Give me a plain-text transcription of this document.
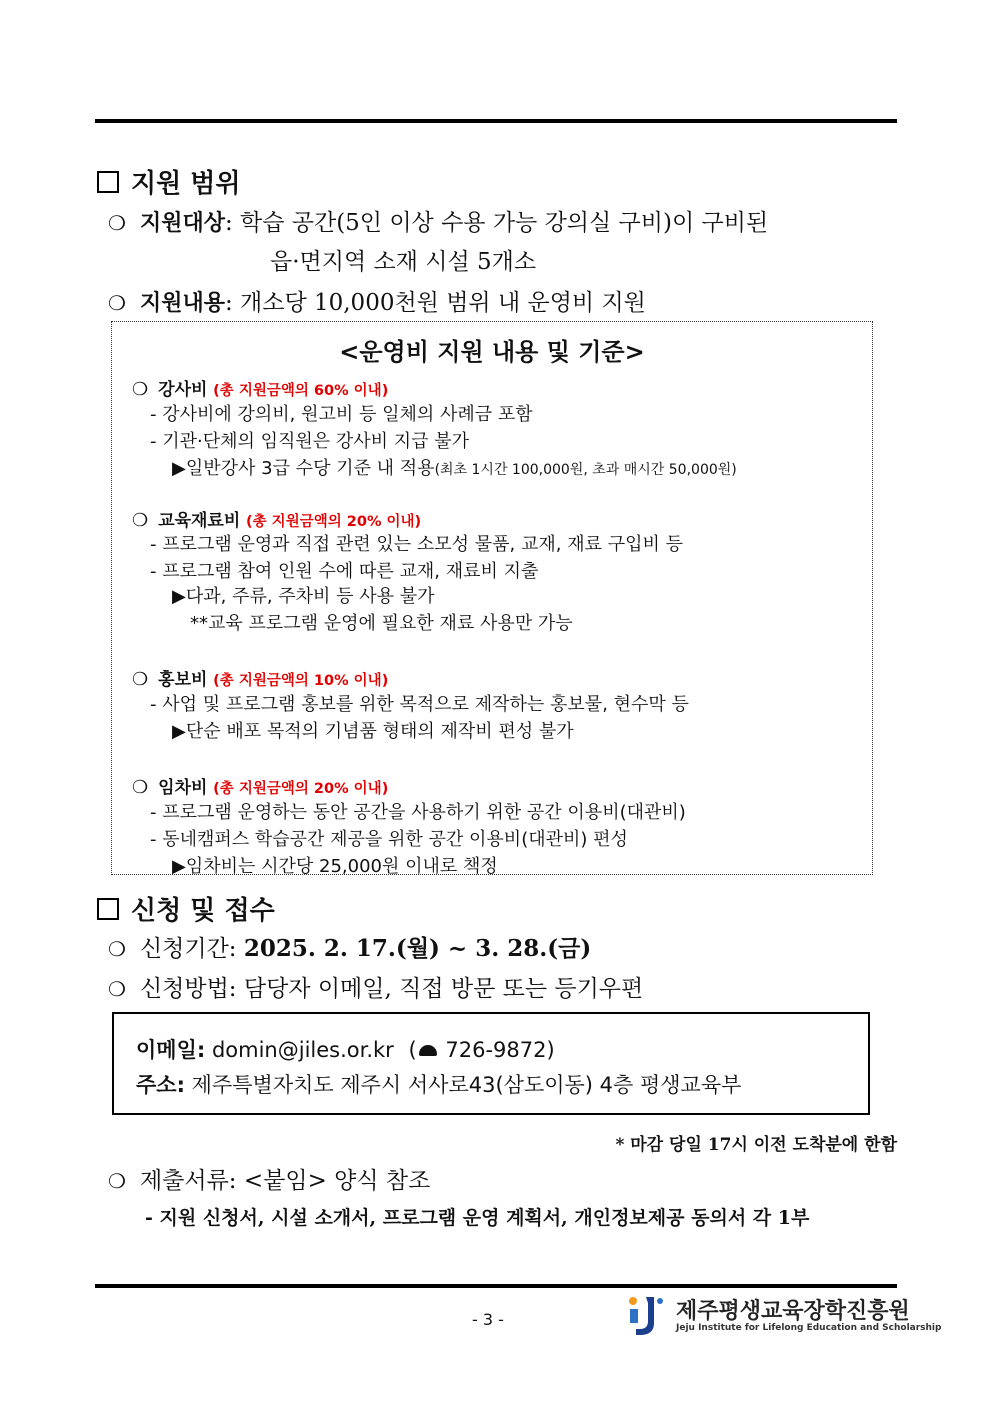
지원 범위
❍ 지원대상: 학습 공간(5인 이상 수용 가능 강의실 구비)이 구비된
읍·면지역 소재 시설 5개소
❍ 지원내용: 개소당 10,000천원 범위 내 운영비 지원
<운영비 지원 내용 및 기준>
❍ 강사비 (총 지원금액의 60% 이내)
- 강사비에 강의비, 원고비 등 일체의 사례금 포함
- 기관·단체의 임직원은 강사비 지급 불가
▶일반강사 3급 수당 기준 내 적용(최초 1시간 100,000원, 초과 매시간 50,000원)
❍ 교육재료비 (총 지원금액의 20% 이내)
- 프로그램 운영과 직접 관련 있는 소모성 물품, 교재, 재료 구입비 등
- 프로그램 참여 인원 수에 따른 교재, 재료비 지출
▶다과, 주류, 주차비 등 사용 불가
**교육 프로그램 운영에 필요한 재료 사용만 가능
❍ 홍보비 (총 지원금액의 10% 이내)
- 사업 및 프로그램 홍보를 위한 목적으로 제작하는 홍보물, 현수막 등
▶단순 배포 목적의 기념품 형태의 제작비 편성 불가
❍ 임차비 (총 지원금액의 20% 이내)
- 프로그램 운영하는 동안 공간을 사용하기 위한 공간 이용비(대관비)
- 동네캠퍼스 학습공간 제공을 위한 공간 이용비(대관비) 편성
▶임차비는 시간당 25,000원 이내로 책정
신청 및 접수
❍ 신청기간: 2025. 2. 17.(월) ~ 3. 28.(금)
❍ 신청방법: 담당자 이메일, 직접 방문 또는 등기우편
이메일: domin@jiles.or.kr ( 726-9872)
주소: 제주특별자치도 제주시 서사로43(삼도이동) 4층 평생교육부
* 마감 당일 17시 이전 도착분에 한함
❍ 제출서류: <붙임> 양식 참조
- 지원 신청서, 시설 소개서, 프로그램 운영 계획서, 개인정보제공 동의서 각 1부
- 3 -	제주평생교육장학진흥원
Jeju Institute for Lifelong Education and Scholarship
